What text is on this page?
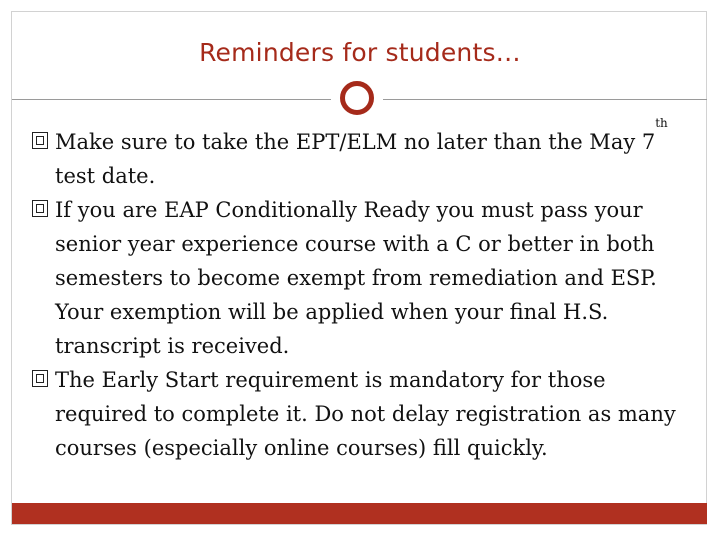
Reminders for students…
Make sure to take the EPT/ELM no later than the May 7th test date.
If you are EAP Conditionally Ready you must pass your senior year experience course with a C or better in both semesters to become exempt from remediation and ESP. Your exemption will be applied when your final H.S. transcript is received.
The Early Start requirement is mandatory for those required to complete it. Do not delay registration as many courses (especially online courses) fill quickly.
